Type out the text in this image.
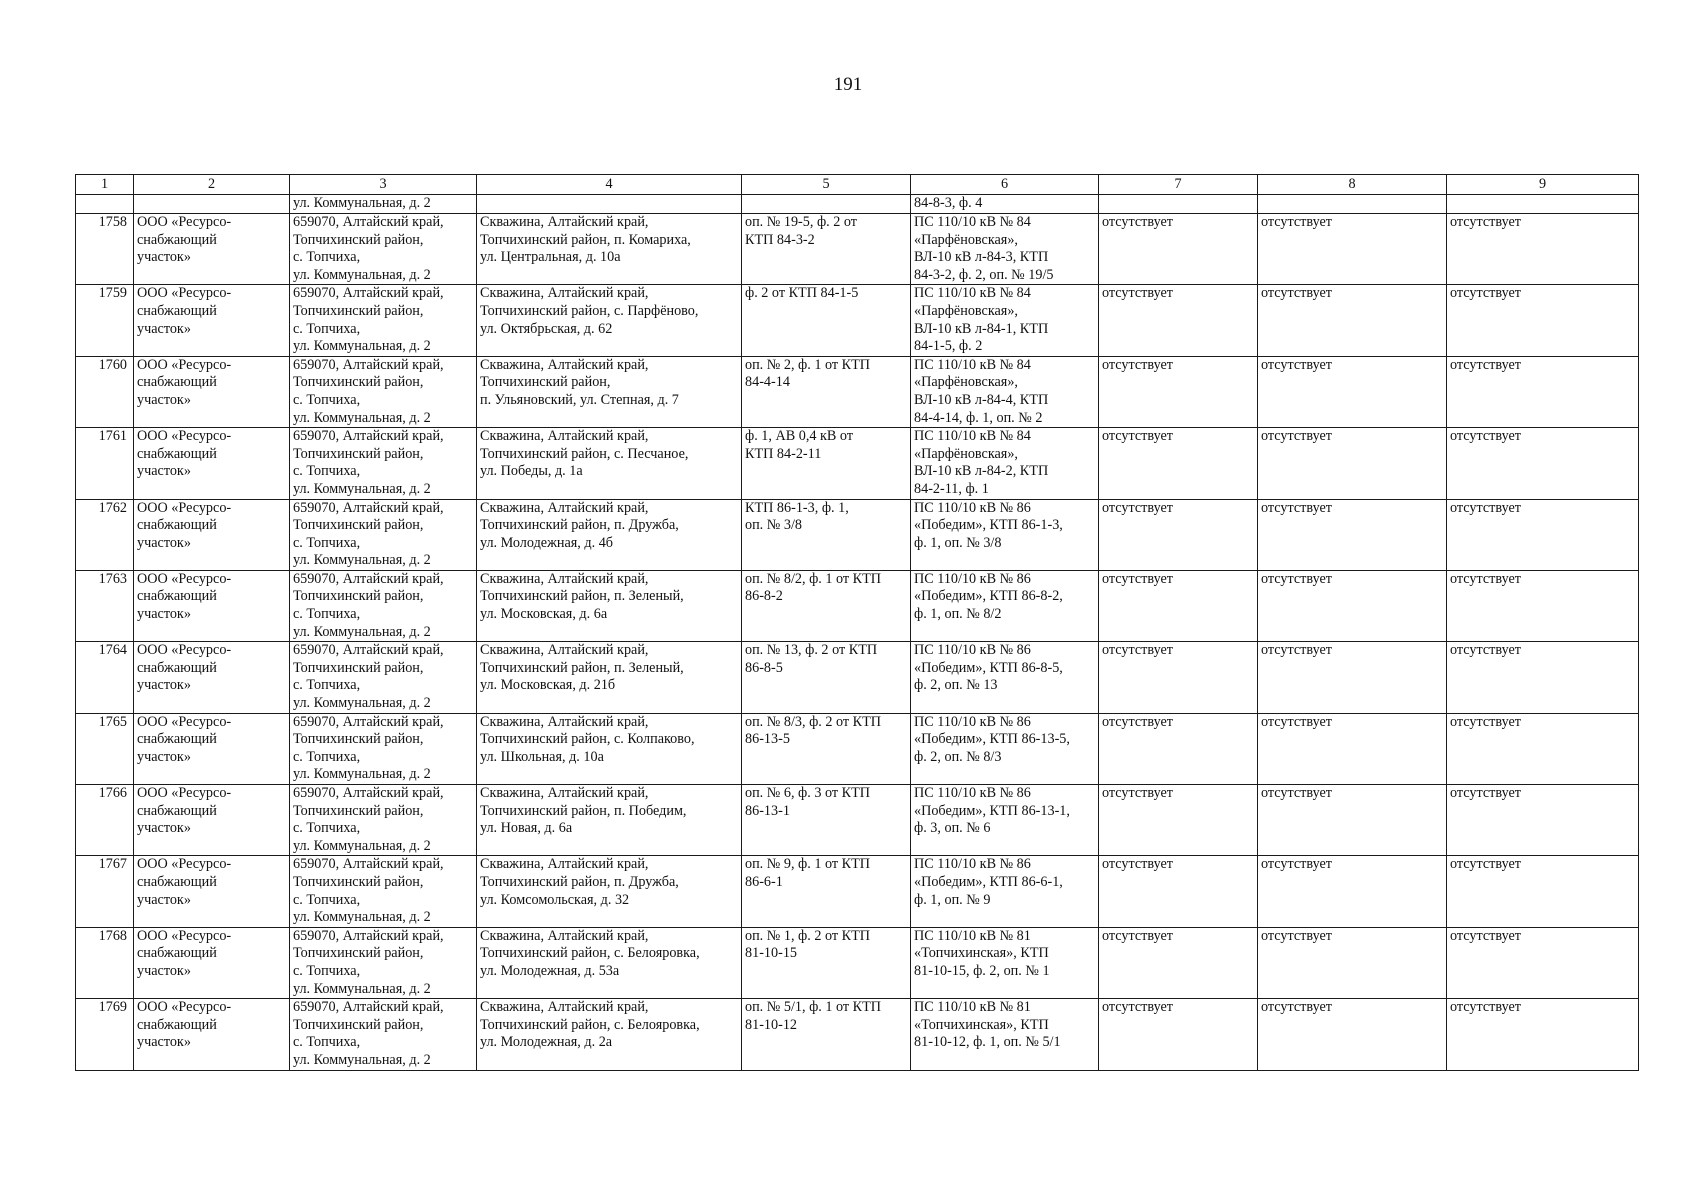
191
1	2	3	4	5	6	7	8	9
		ул. Коммунальная, д. 2			84-8-3, ф. 4			
1758	ООО «Ресурсо-
снабжающий
участок»	659070, Алтайский край,
Топчихинский район,
с. Топчиха,
ул. Коммунальная, д. 2	Скважина, Алтайский край,
Топчихинский район, п. Комариха,
ул. Центральная, д. 10а	оп. № 19-5, ф. 2 от
КТП 84-3-2	ПС 110/10 кВ № 84
«Парфёновская»,
ВЛ-10 кВ л-84-3, КТП
84-3-2, ф. 2, оп. № 19/5	отсутствует	отсутствует	отсутствует
1759	ООО «Ресурсо-
снабжающий
участок»	659070, Алтайский край,
Топчихинский район,
с. Топчиха,
ул. Коммунальная, д. 2	Скважина, Алтайский край,
Топчихинский район, с. Парфёново,
ул. Октябрьская, д. 62	ф. 2 от КТП 84-1-5	ПС 110/10 кВ № 84
«Парфёновская»,
ВЛ-10 кВ л-84-1, КТП
84-1-5, ф. 2	отсутствует	отсутствует	отсутствует
1760	ООО «Ресурсо-
снабжающий
участок»	659070, Алтайский край,
Топчихинский район,
с. Топчиха,
ул. Коммунальная, д. 2	Скважина, Алтайский край,
Топчихинский район,
п. Ульяновский, ул. Степная, д. 7	оп. № 2, ф. 1 от КТП
84-4-14	ПС 110/10 кВ № 84
«Парфёновская»,
ВЛ-10 кВ л-84-4, КТП
84-4-14, ф. 1, оп. № 2	отсутствует	отсутствует	отсутствует
1761	ООО «Ресурсо-
снабжающий
участок»	659070, Алтайский край,
Топчихинский район,
с. Топчиха,
ул. Коммунальная, д. 2	Скважина, Алтайский край,
Топчихинский район, с. Песчаное,
ул. Победы, д. 1а	ф. 1, АВ 0,4 кВ от
КТП 84-2-11	ПС 110/10 кВ № 84
«Парфёновская»,
ВЛ-10 кВ л-84-2, КТП
84-2-11, ф. 1	отсутствует	отсутствует	отсутствует
1762	ООО «Ресурсо-
снабжающий
участок»	659070, Алтайский край,
Топчихинский район,
с. Топчиха,
ул. Коммунальная, д. 2	Скважина, Алтайский край,
Топчихинский район, п. Дружба,
ул. Молодежная, д. 4б	КТП 86-1-3, ф. 1,
оп. № 3/8	ПС 110/10 кВ № 86
«Победим», КТП 86-1-3,
ф. 1, оп. № 3/8	отсутствует	отсутствует	отсутствует
1763	ООО «Ресурсо-
снабжающий
участок»	659070, Алтайский край,
Топчихинский район,
с. Топчиха,
ул. Коммунальная, д. 2	Скважина, Алтайский край,
Топчихинский район, п. Зеленый,
ул. Московская, д. 6а	оп. № 8/2, ф. 1 от КТП
86-8-2	ПС 110/10 кВ № 86
«Победим», КТП 86-8-2,
ф. 1, оп. № 8/2	отсутствует	отсутствует	отсутствует
1764	ООО «Ресурсо-
снабжающий
участок»	659070, Алтайский край,
Топчихинский район,
с. Топчиха,
ул. Коммунальная, д. 2	Скважина, Алтайский край,
Топчихинский район, п. Зеленый,
ул. Московская, д. 21б	оп. № 13, ф. 2 от КТП
86-8-5	ПС 110/10 кВ № 86
«Победим», КТП 86-8-5,
ф. 2, оп. № 13	отсутствует	отсутствует	отсутствует
1765	ООО «Ресурсо-
снабжающий
участок»	659070, Алтайский край,
Топчихинский район,
с. Топчиха,
ул. Коммунальная, д. 2	Скважина, Алтайский край,
Топчихинский район, с. Колпаково,
ул. Школьная, д. 10а	оп. № 8/3, ф. 2 от КТП
86-13-5	ПС 110/10 кВ № 86
«Победим», КТП 86-13-5,
ф. 2, оп. № 8/3	отсутствует	отсутствует	отсутствует
1766	ООО «Ресурсо-
снабжающий
участок»	659070, Алтайский край,
Топчихинский район,
с. Топчиха,
ул. Коммунальная, д. 2	Скважина, Алтайский край,
Топчихинский район, п. Победим,
ул. Новая, д. 6а	оп. № 6, ф. 3 от КТП
86-13-1	ПС 110/10 кВ № 86
«Победим», КТП 86-13-1,
ф. 3, оп. № 6	отсутствует	отсутствует	отсутствует
1767	ООО «Ресурсо-
снабжающий
участок»	659070, Алтайский край,
Топчихинский район,
с. Топчиха,
ул. Коммунальная, д. 2	Скважина, Алтайский край,
Топчихинский район, п. Дружба,
ул. Комсомольская, д. 32	оп. № 9, ф. 1 от КТП
86-6-1	ПС 110/10 кВ № 86
«Победим», КТП 86-6-1,
ф. 1, оп. № 9	отсутствует	отсутствует	отсутствует
1768	ООО «Ресурсо-
снабжающий
участок»	659070, Алтайский край,
Топчихинский район,
с. Топчиха,
ул. Коммунальная, д. 2	Скважина, Алтайский край,
Топчихинский район, с. Белояровка,
ул. Молодежная, д. 53а	оп. № 1, ф. 2 от КТП
81-10-15	ПС 110/10 кВ № 81
«Топчихинская», КТП
81-10-15, ф. 2, оп. № 1	отсутствует	отсутствует	отсутствует
1769	ООО «Ресурсо-
снабжающий
участок»	659070, Алтайский край,
Топчихинский район,
с. Топчиха,
ул. Коммунальная, д. 2	Скважина, Алтайский край,
Топчихинский район, с. Белояровка,
ул. Молодежная, д. 2а	оп. № 5/1, ф. 1 от КТП
81-10-12	ПС 110/10 кВ № 81
«Топчихинская», КТП
81-10-12, ф. 1, оп. № 5/1	отсутствует	отсутствует	отсутствует
